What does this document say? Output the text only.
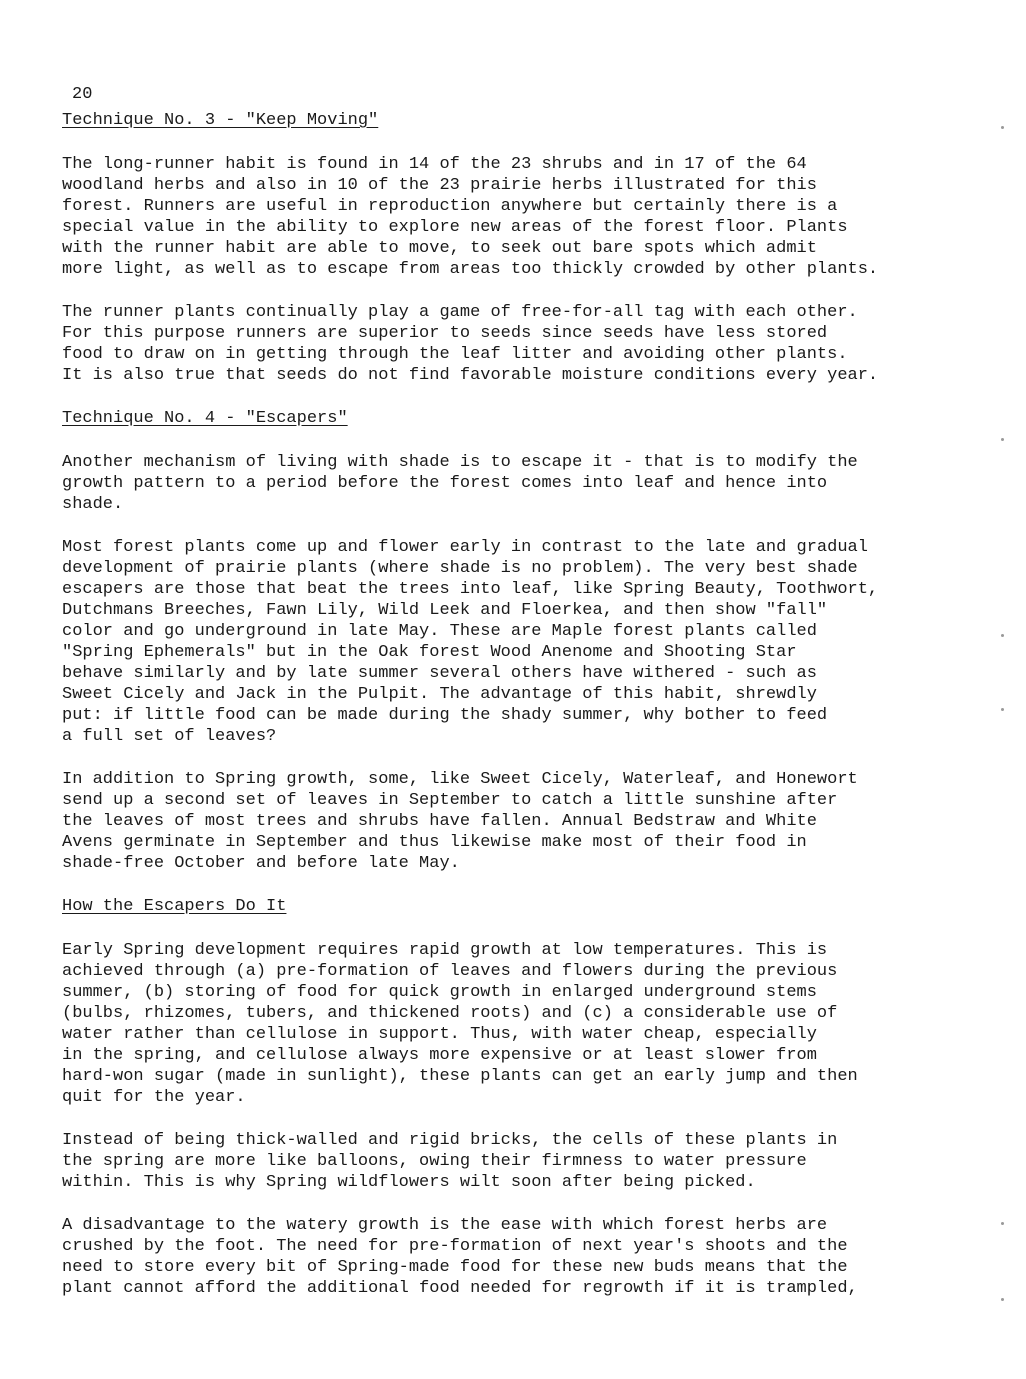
20
Technique No. 3 - "Keep Moving"

The long-runner habit is found in 14 of the 23 shrubs and in 17 of the 64
woodland herbs and also in 10 of the 23 prairie herbs illustrated for this
forest. Runners are useful in reproduction anywhere but certainly there is a
special value in the ability to explore new areas of the forest floor. Plants
with the runner habit are able to move, to seek out bare spots which admit
more light, as well as to escape from areas too thickly crowded by other plants.

The runner plants continually play a game of free-for-all tag with each other.
For this purpose runners are superior to seeds since seeds have less stored
food to draw on in getting through the leaf litter and avoiding other plants.
It is also true that seeds do not find favorable moisture conditions every year.

Technique No. 4 - "Escapers"

Another mechanism of living with shade is to escape it - that is to modify the
growth pattern to a period before the forest comes into leaf and hence into
shade.

Most forest plants come up and flower early in contrast to the late and gradual
development of prairie plants (where shade is no problem). The very best shade
escapers are those that beat the trees into leaf, like Spring Beauty, Toothwort,
Dutchmans Breeches, Fawn Lily, Wild Leek and Floerkea, and then show "fall"
color and go underground in late May. These are Maple forest plants called
"Spring Ephemerals" but in the Oak forest Wood Anenome and Shooting Star
behave similarly and by late summer several others have withered - such as
Sweet Cicely and Jack in the Pulpit. The advantage of this habit, shrewdly
put: if little food can be made during the shady summer, why bother to feed
a full set of leaves?

In addition to Spring growth, some, like Sweet Cicely, Waterleaf, and Honewort
send up a second set of leaves in September to catch a little sunshine after
the leaves of most trees and shrubs have fallen. Annual Bedstraw and White
Avens germinate in September and thus likewise make most of their food in
shade-free October and before late May.

How the Escapers Do It

Early Spring development requires rapid growth at low temperatures. This is
achieved through (a) pre-formation of leaves and flowers during the previous
summer, (b) storing of food for quick growth in enlarged underground stems
(bulbs, rhizomes, tubers, and thickened roots) and (c) a considerable use of
water rather than cellulose in support. Thus, with water cheap, especially
in the spring, and cellulose always more expensive or at least slower from
hard-won sugar (made in sunlight), these plants can get an early jump and then
quit for the year.

Instead of being thick-walled and rigid bricks, the cells of these plants in
the spring are more like balloons, owing their firmness to water pressure
within. This is why Spring wildflowers wilt soon after being picked.

A disadvantage to the watery growth is the ease with which forest herbs are
crushed by the foot. The need for pre-formation of next year's shoots and the
need to store every bit of Spring-made food for these new buds means that the
plant cannot afford the additional food needed for regrowth if it is trampled,
